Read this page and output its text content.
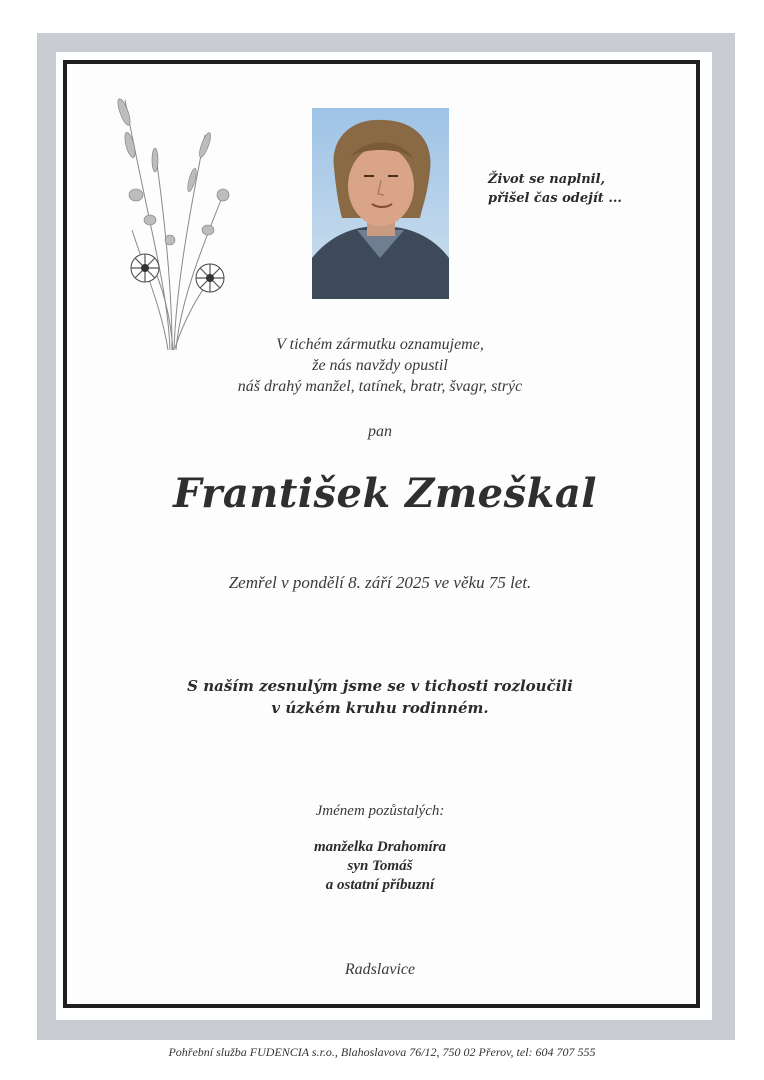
Život se naplnil,
přišel čas odejít ...
V tichém zármutku oznamujeme,
že nás navždy opustil
náš drahý manžel, tatínek, bratr, švagr, strýc
pan
František Zmeškal
Zemřel v pondělí 8. září 2025 ve věku 75 let.
S naším zesnulým jsme se v tichosti rozloučili
v úzkém kruhu rodinném.
Jménem pozůstalých:
manželka Drahomíra
syn Tomáš
a ostatní příbuzní
Radslavice
Pohřební služba FUDENCIA s.r.o., Blahoslavova 76/12, 750 02 Přerov, tel: 604 707 555
